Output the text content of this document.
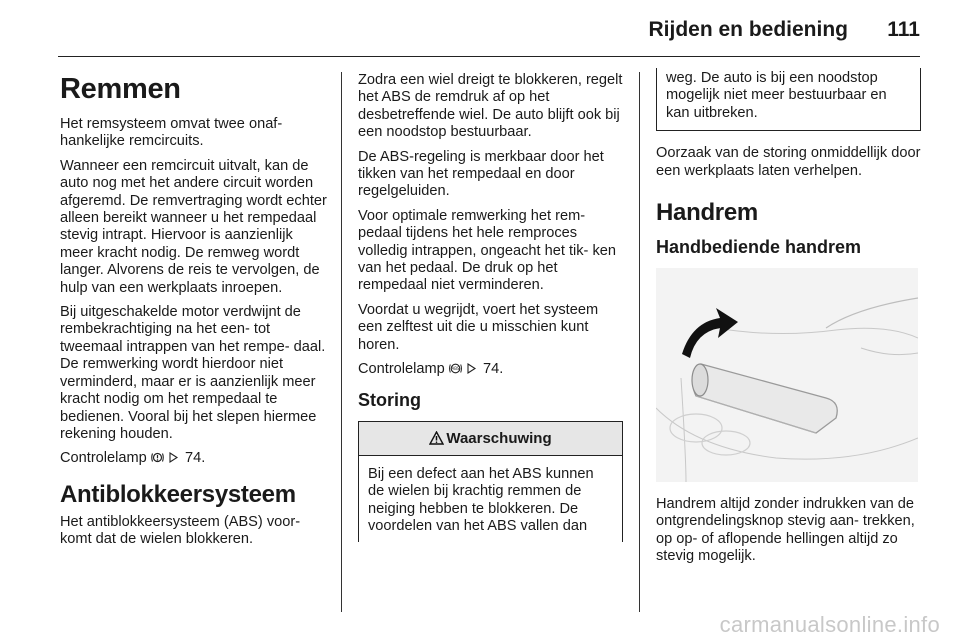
Rijden en bediening 111
Remmen

Het remsysteem omvat twee onaf- hankelijke remcircuits.

Wanneer een remcircuit uitvalt, kan de auto nog met het andere circuit worden afgeremd. De remvertraging wordt echter alleen bereikt wanneer u het rempedaal stevig intrapt. Hiervoor is aanzienlijk meer kracht nodig. De remweg wordt langer. Alvorens de reis te vervolgen, de hulp van een werkplaats inroepen.

Bij uitgeschakelde motor verdwijnt de rembekrachtiging na het een- tot tweemaal intrappen van het rempe- daal. De remwerking wordt hierdoor niet verminderd, maar er is aanzienlijk meer kracht nodig om het rempedaal te bedienen. Vooral bij het slepen hiermee rekening houden.

Controlelamp	74.

Antiblokkeersysteem

Het antiblokkeersysteem (ABS) voor- komt dat de wielen blokkeren.

Zodra een wiel dreigt te blokkeren, regelt het ABS de remdruk af op het desbetreffende wiel. De auto blijft ook bij een noodstop bestuurbaar.

De ABS-regeling is merkbaar door het tikken van het rempedaal en door regelgeluiden.

Voor optimale remwerking het rem- pedaal tijdens het hele remproces volledig intrappen, ongeacht het tik- ken van het pedaal. De druk op het rempedaal niet verminderen.

Voordat u wegrijdt, voert het systeem een zelftest uit die u misschien kunt horen.

Controlelamp ABS 74.

Storing
Waarschuwing
Bij een defect aan het ABS kunnen de wielen bij krachtig remmen de neiging hebben te blokkeren. De voordelen van het ABS vallen dan
weg. De auto is bij een noodstop mogelijk niet meer bestuurbaar en kan uitbreken.

Oorzaak van de storing onmiddellijk door een werkplaats laten verhelpen.

Handrem
Handbediende handrem

Handrem altijd zonder indrukken van de ontgrendelingsknop stevig aan- trekken, op op- of aflopende hellingen altijd zo stevig mogelijk.

carmanualsonline.info
